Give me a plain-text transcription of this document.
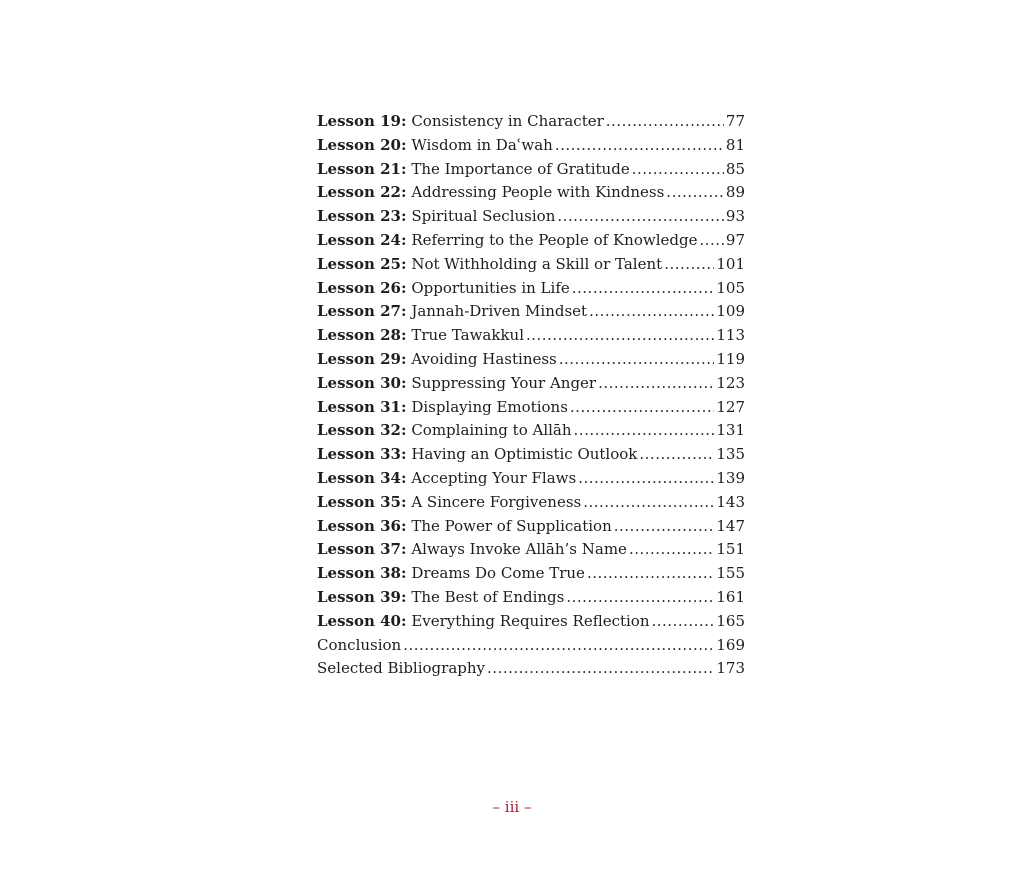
Lesson 19: Consistency in Character .....	77
Lesson 20: Wisdom in Daʿwah .....	81
Lesson 21: The Importance of Gratitude .....	85
Lesson 22: Addressing People with Kindness .....	89
Lesson 23: Spiritual Seclusion .....	93
Lesson 24: Referring to the People of Knowledge ..... 97
Lesson 25: Not Withholding a Skill or Talent .....	101
Lesson 26: Opportunities in Life .....	105
Lesson 27: Jannah-Driven Mindset .....	109
Lesson 28: True Tawakkul .....	113
Lesson 29: Avoiding Hastiness .....	119
Lesson 30: Suppressing Your Anger .....	123
Lesson 31: Displaying Emotions .....	127
Lesson 32: Complaining to Allāh .....	131
Lesson 33: Having an Optimistic Outlook .....	135
Lesson 34: Accepting Your Flaws .....	139
Lesson 35: A Sincere Forgiveness .....	143
Lesson 36: The Power of Supplication .....	147
Lesson 37: Always Invoke Allāh’s Name .....	151
Lesson 38: Dreams Do Come True .....	155
Lesson 39: The Best of Endings .....	161
Lesson 40: Everything Requires Reflection .....	165
Conclusion .....	169
Selected Bibliography .....	173
– iii –
